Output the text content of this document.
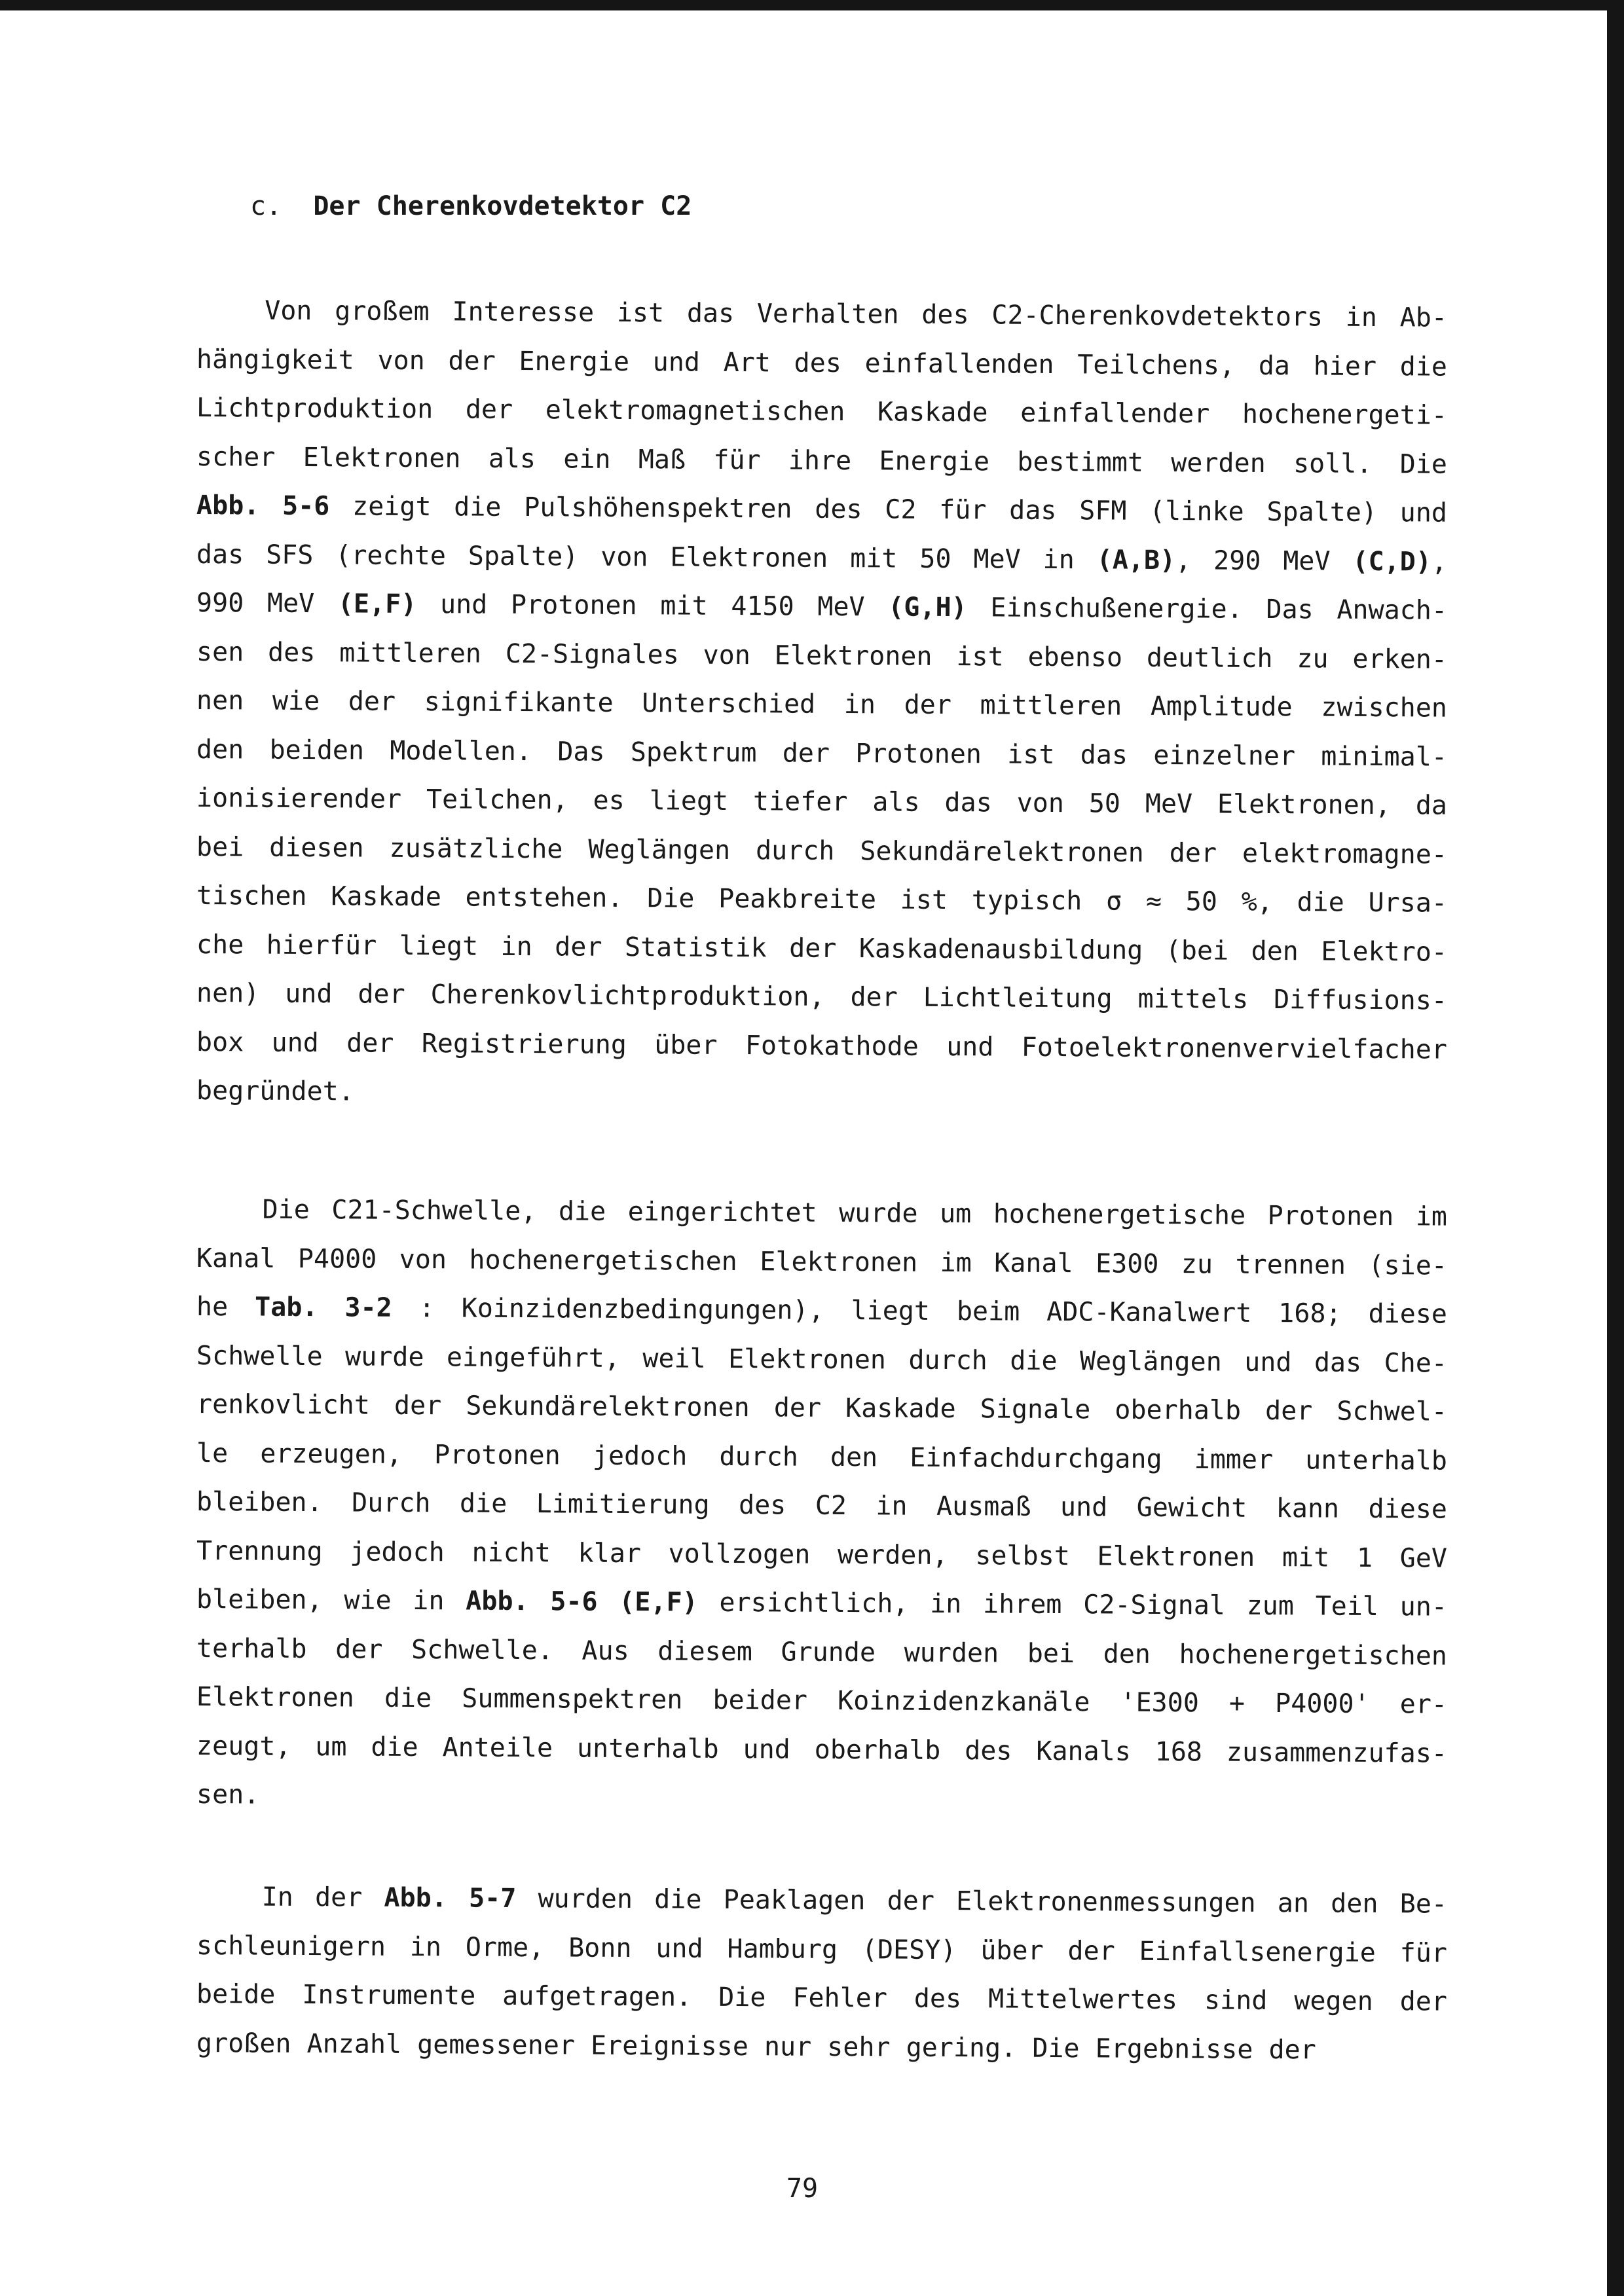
c. Der Cherenkovdetektor C2
Von großem Interesse ist das Verhalten des C2-Cherenkovdetektors in Ab-
hängigkeit von der Energie und Art des einfallenden Teilchens, da hier die
Lichtproduktion der elektromagnetischen Kaskade einfallender hochenergeti-
scher Elektronen als ein Maß für ihre Energie bestimmt werden soll. Die
Abb. 5-6 zeigt die Pulshöhenspektren des C2 für das SFM (linke Spalte) und
das SFS (rechte Spalte) von Elektronen mit 50 MeV in (A,B), 290 MeV (C,D),
990 MeV (E,F) und Protonen mit 4150 MeV (G,H) Einschußenergie. Das Anwach-
sen des mittleren C2-Signales von Elektronen ist ebenso deutlich zu erken-
nen wie der signifikante Unterschied in der mittleren Amplitude zwischen
den beiden Modellen. Das Spektrum der Protonen ist das einzelner minimal-
ionisierender Teilchen, es liegt tiefer als das von 50 MeV Elektronen, da
bei diesen zusätzliche Weglängen durch Sekundärelektronen der elektromagne-
tischen Kaskade entstehen. Die Peakbreite ist typisch σ ≈ 50 %, die Ursa-
che hierfür liegt in der Statistik der Kaskadenausbildung (bei den Elektro-
nen) und der Cherenkovlichtproduktion, der Lichtleitung mittels Diffusions-
box und der Registrierung über Fotokathode und Fotoelektronenvervielfacher
begründet.
Die C21-Schwelle, die eingerichtet wurde um hochenergetische Protonen im
Kanal P4000 von hochenergetischen Elektronen im Kanal E300 zu trennen (sie-
he Tab. 3-2 : Koinzidenzbedingungen), liegt beim ADC-Kanalwert 168; diese
Schwelle wurde eingeführt, weil Elektronen durch die Weglängen und das Che-
renkovlicht der Sekundärelektronen der Kaskade Signale oberhalb der Schwel-
le erzeugen, Protonen jedoch durch den Einfachdurchgang immer unterhalb
bleiben. Durch die Limitierung des C2 in Ausmaß und Gewicht kann diese
Trennung jedoch nicht klar vollzogen werden, selbst Elektronen mit 1 GeV
bleiben, wie in Abb. 5-6 (E,F) ersichtlich, in ihrem C2-Signal zum Teil un-
terhalb der Schwelle. Aus diesem Grunde wurden bei den hochenergetischen
Elektronen die Summenspektren beider Koinzidenzkanäle 'E300 + P4000' er-
zeugt, um die Anteile unterhalb und oberhalb des Kanals 168 zusammenzufas-
sen.
In der Abb. 5-7 wurden die Peaklagen der Elektronenmessungen an den Be-
schleunigern in Orme, Bonn und Hamburg (DESY) über der Einfallsenergie für
beide Instrumente aufgetragen. Die Fehler des Mittelwertes sind wegen der
großen Anzahl gemessener Ereignisse nur sehr gering. Die Ergebnisse der
79
